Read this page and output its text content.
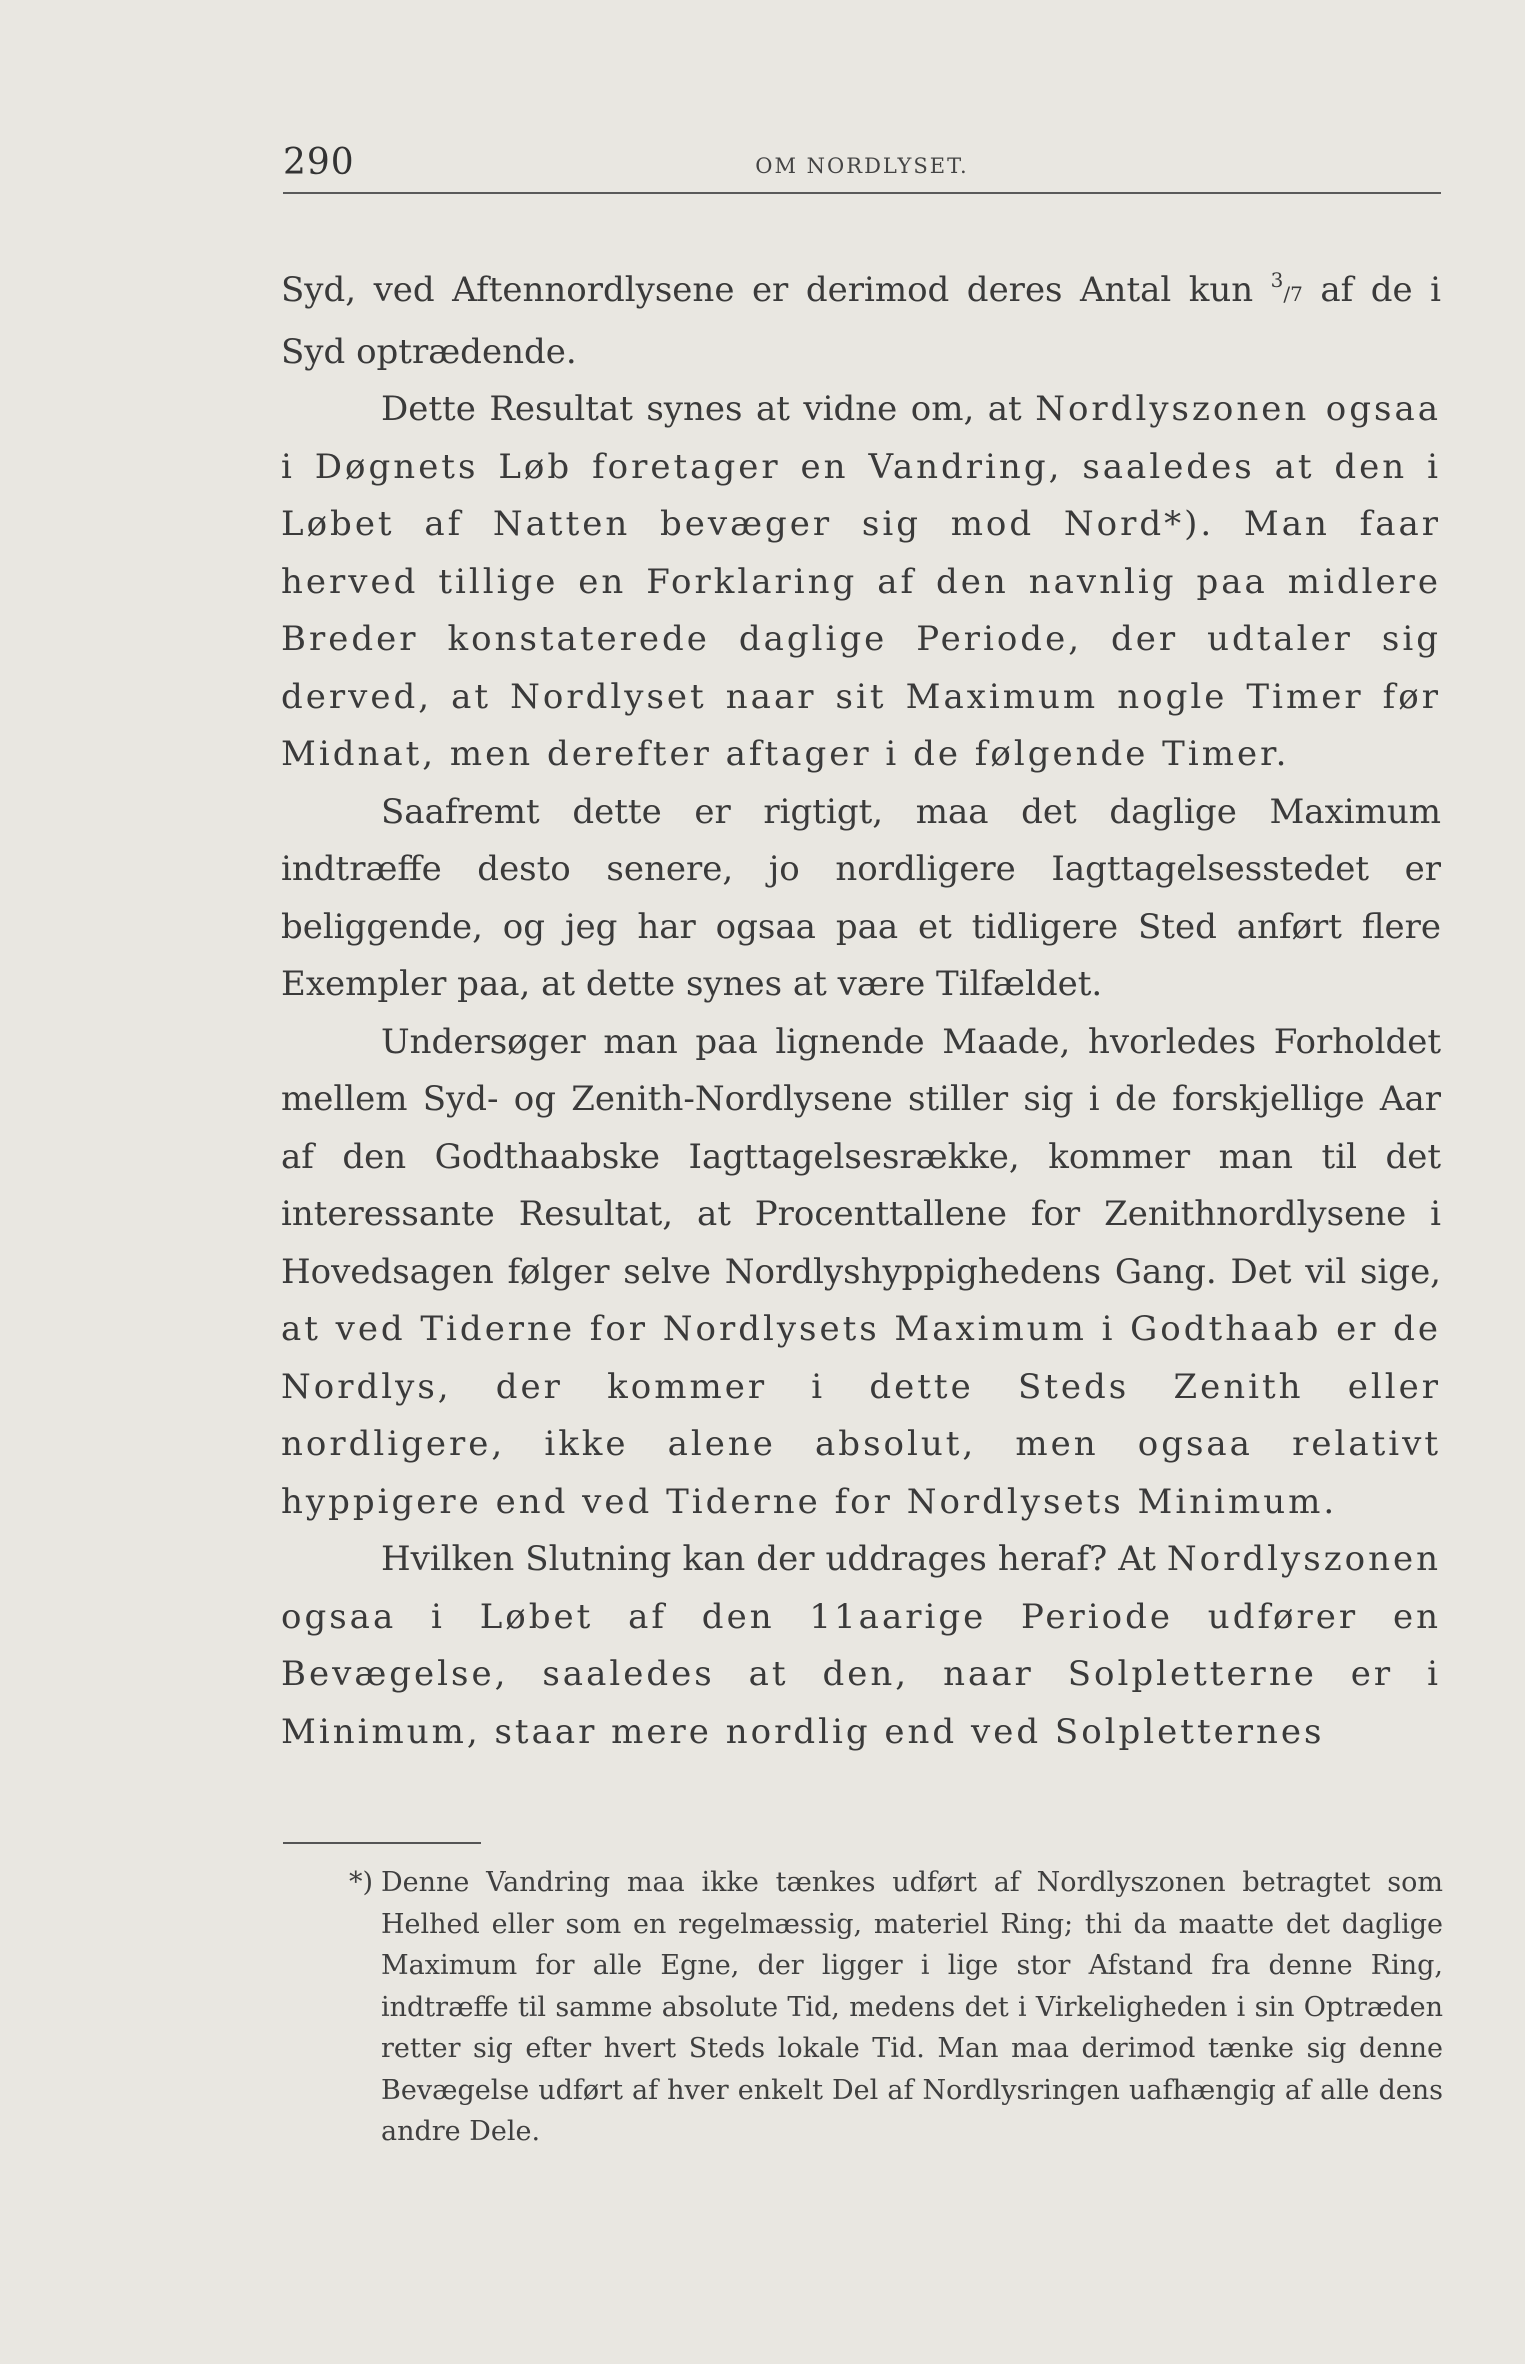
290	OM NORDLYSET.

Syd, ved Aftennordlysene er derimod deres Antal kun $^3$/7 af de i Syd optrædende.

Dette Resultat synes at vidne om, at Nordlyszonen ogsaa i Døgnets Løb foretager en Vandring, saaledes at den i Løbet af Natten bevæger sig mod Nord*). Man faar herved tillige en Forklaring af den navnlig paa midlere Breder konstaterede daglige Periode, der udtaler sig derved, at Nordlyset naar sit Maximum nogle Timer før Midnat, men derefter aftager i de følgende Timer.

Saafremt dette er rigtigt, maa det daglige Maximum indtræffe desto senere, jo nordligere Iagttagelsesstedet er beliggende, og jeg har ogsaa paa et tidligere Sted anført flere Exempler paa, at dette synes at være Tilfældet.

Undersøger man paa lignende Maade, hvorledes Forholdet mellem Syd- og Zenith-Nordlysene stiller sig i de forskjellige Aar af den Godthaabske Iagttagelsesrække, kommer man til det interessante Resultat, at Procenttallene for Zenithnordlysene i Hovedsagen følger selve Nordlyshyppighedens Gang. Det vil sige, at ved Tiderne for Nordlysets Maximum i Godthaab er de Nordlys, der kommer i dette Steds Zenith eller nordligere, ikke alene absolut, men ogsaa relativt hyppigere end ved Tiderne for Nordlysets Minimum.

Hvilken Slutning kan der uddrages heraf? At Nordlyszonen ogsaa i Løbet af den 11aarige Periode udfører en Bevægelse, saaledes at den, naar Solpletterne er i Minimum, staar mere nordlig end ved Solpletternes

*) Denne Vandring maa ikke tænkes udført af Nordlyszonen betragtet som Helhed eller som en regelmæssig, materiel Ring; thi da maatte det daglige Maximum for alle Egne, der ligger i lige stor Afstand fra denne Ring, indtræffe til samme absolute Tid, medens det i Virkeligheden i sin Optræden retter sig efter hvert Steds lokale Tid. Man maa derimod tænke sig denne Bevægelse udført af hver enkelt Del af Nordlysringen uafhængig af alle dens andre Dele.
